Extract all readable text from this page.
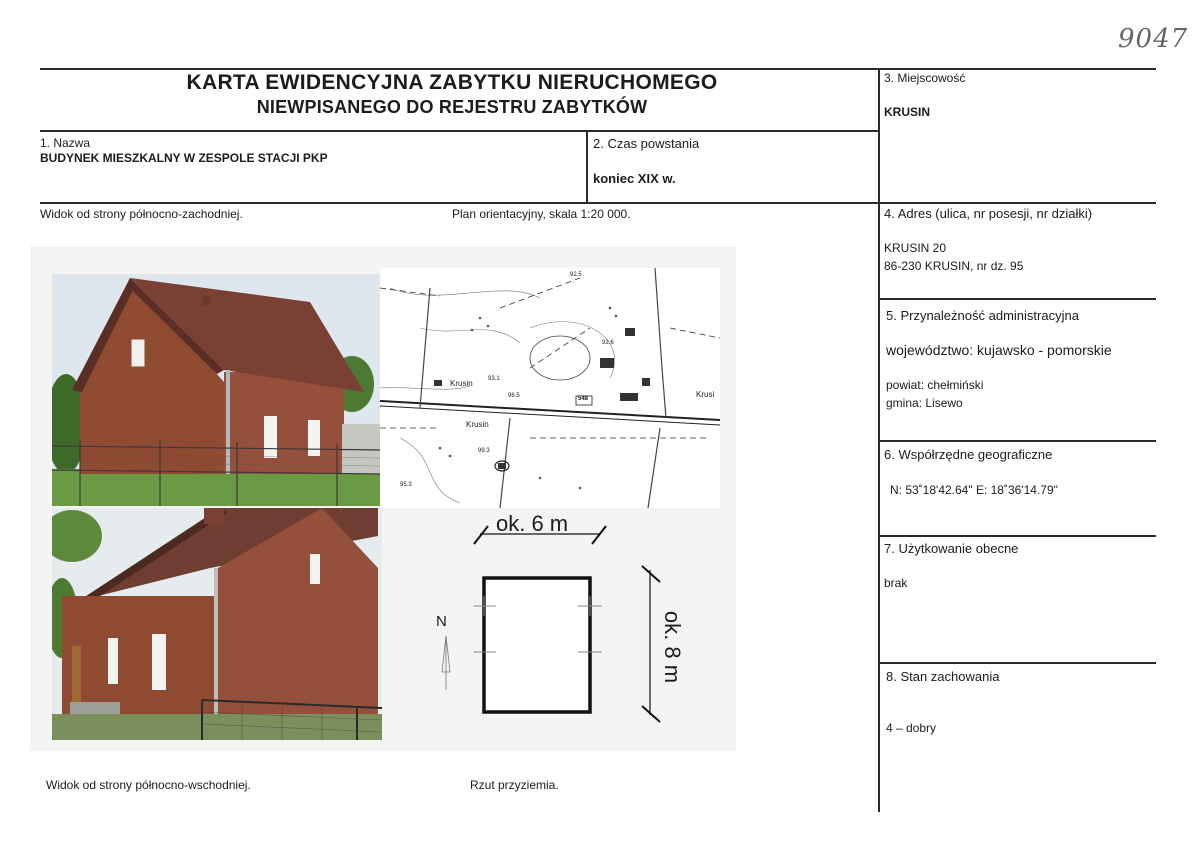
9047
KARTA EWIDENCYJNA ZABYTKU NIERUCHOMEGO
NIEWPISANEGO DO REJESTRU ZABYTKÓW
1. Nazwa
BUDYNEK MIESZKALNY W ZESPOLE STACJI PKP
2. Czas powstania
koniec XIX w.
3. Miejscowość
KRUSIN
4. Adres (ulica, nr posesji, nr działki)
KRUSIN 20
86-230 KRUSIN, nr dz. 95
5. Przynależność administracyjna
województwo: kujawsko - pomorskie
powiat: chełmiński
gmina: Lisewo
6. Współrzędne geograficzne
N: 53˚18'42.64" E: 18˚36'14.79"
7. Użytkowanie obecne
brak
8. Stan zachowania
4 – dobry
Widok od strony północno-zachodniej.	Plan orientacyjny, skala 1:20 000.
Widok od strony północno-wschodniej.	Rzut przyziemia.
Krusin
Krusin
Krusi
548
92.5
93.1
96.5
92.6
99.3
95.3
ok. 6 m
ok. 8 m
N
